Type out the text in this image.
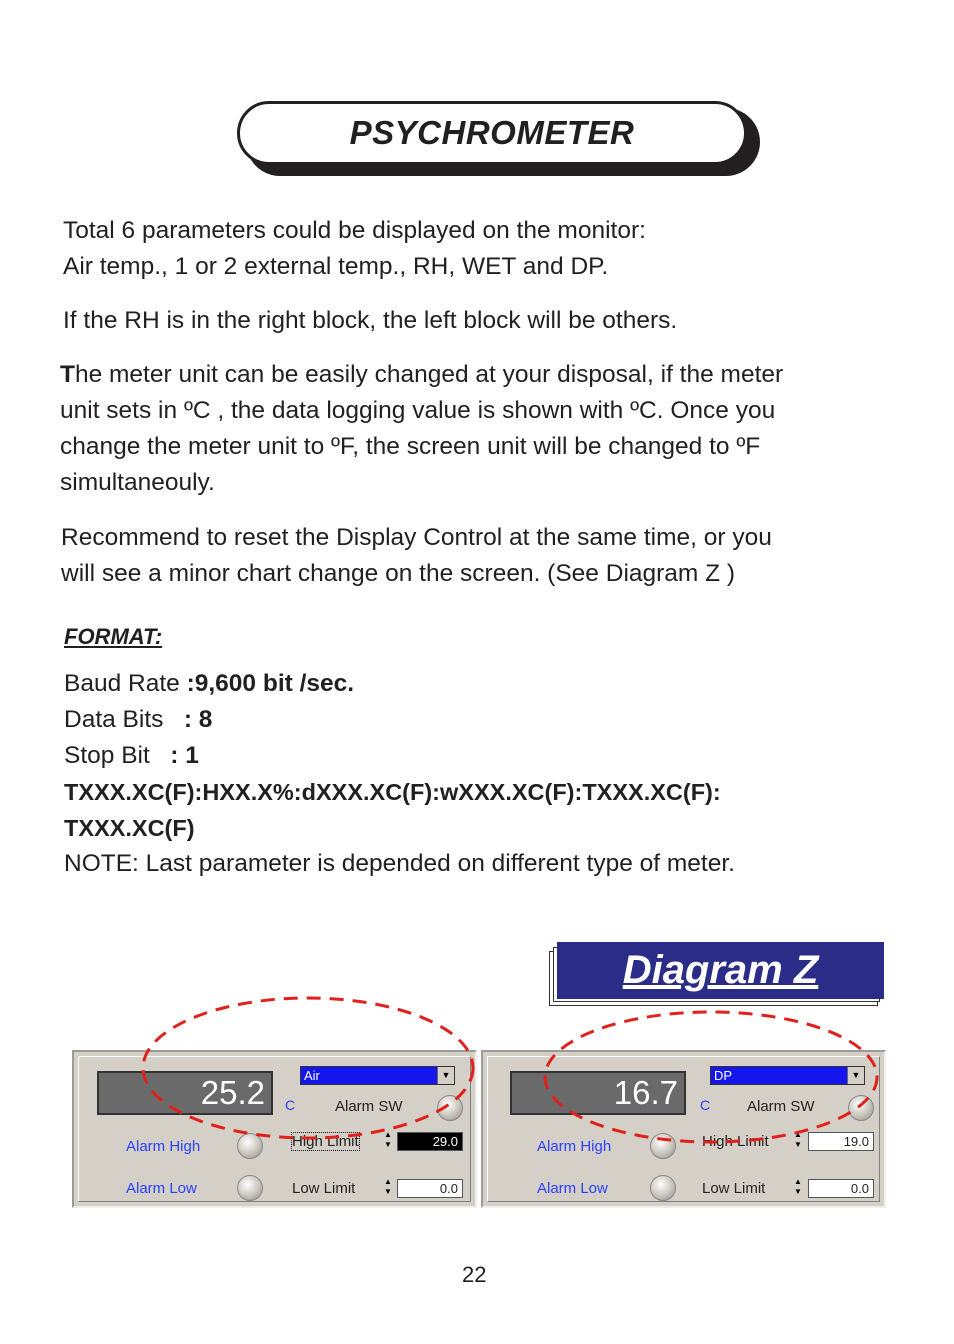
PSYCHROMETER
Total 6 parameters could be displayed on the monitor:
Air temp., 1 or 2 external temp., RH, WET and DP.
If the RH is in the right block, the left block will be others.
The meter unit can be easily changed at your disposal, if the meter
unit sets in ºC , the data logging value is shown with ºC. Once you
change the meter unit to ºF, the screen unit will be changed to ºF
simultaneouly.
Recommend to reset the Display Control at the same time, or you
will see a minor chart change on the screen. (See Diagram Z )
FORMAT:
Baud Rate :9,600 bit /sec.
Data Bits : 8
Stop Bit : 1
TXXX.XC(F):HXX.X%:dXXX.XC(F):wXXX.XC(F):TXXX.XC(F):
TXXX.XC(F)
NOTE: Last parameter is depended on different type of meter.
Diagram Z
25.2	C
Air	▼
Alarm SW
Alarm High	High Limit	▲
▼	29.0
Alarm Low	Low Limit	▲
▼	0.0
16.7	C
DP	▼
Alarm SW
Alarm High	High Limit	▲
▼	19.0
Alarm Low	Low Limit	▲
▼	0.0
22
